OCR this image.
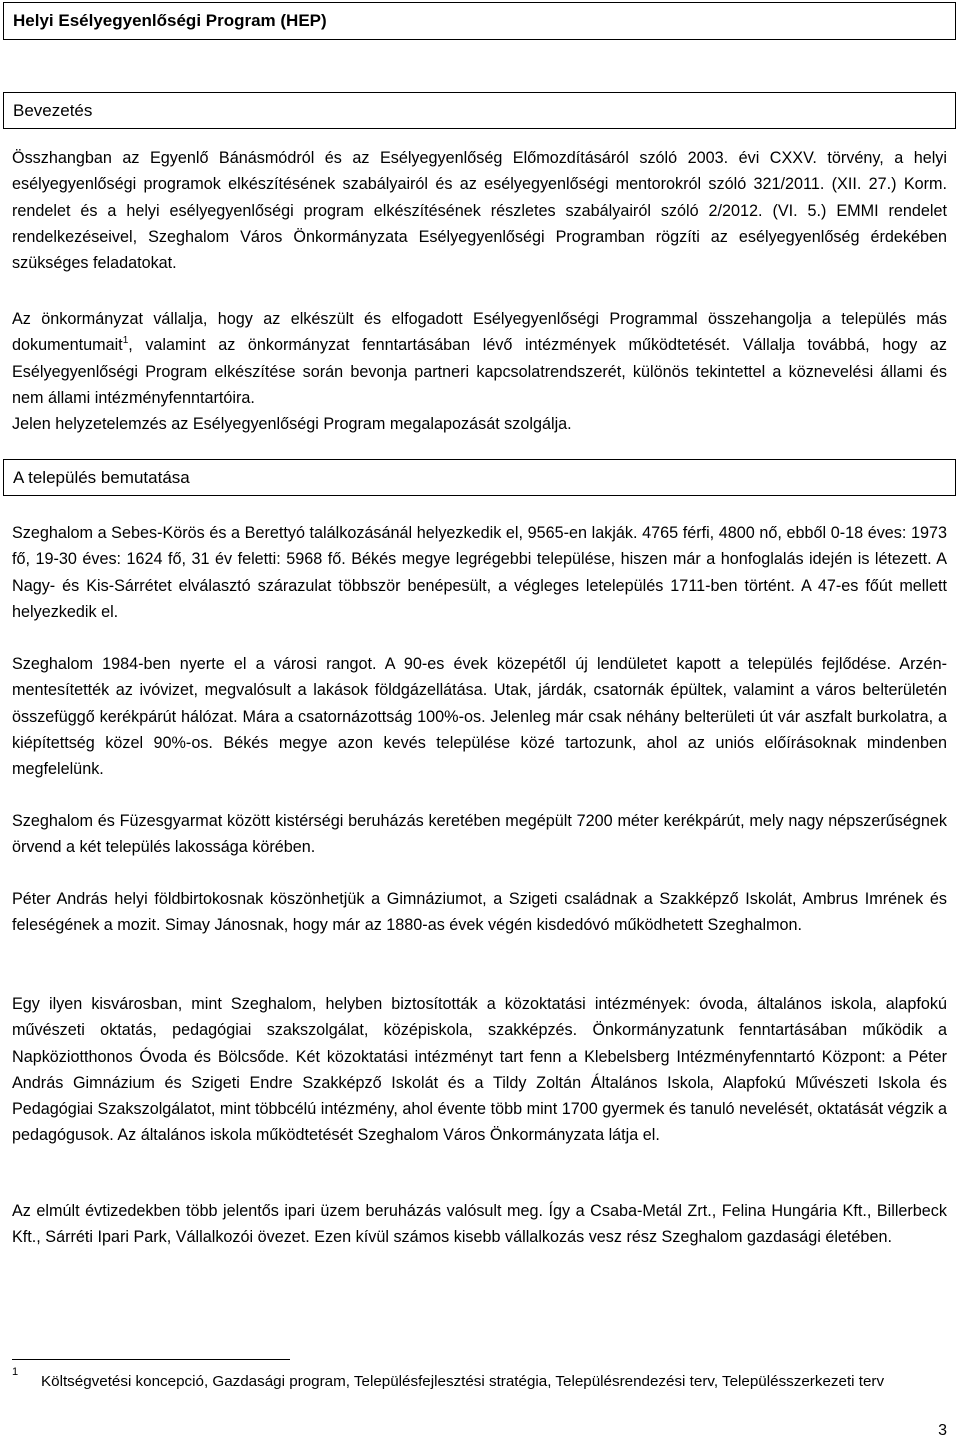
Helyi Esélyegyenlőségi Program (HEP)
Bevezetés

Összhangban az Egyenlő Bánásmódról és az Esélyegyenlőség Előmozdításáról szóló 2003. évi CXXV. törvény, a helyi esélyegyenlőségi programok elkészítésének szabályairól és az esélyegyenlőségi mentorokról szóló 321/2011. (XII. 27.) Korm. rendelet és a helyi esélyegyenlőségi program elkészítésének részletes szabályairól szóló 2/2012. (VI. 5.) EMMI rendelet rendelkezéseivel, Szeghalom Város Önkormányzata Esélyegyenlőségi Programban rögzíti az esélyegyenlőség érdekében szükséges feladatokat.

Az önkormányzat vállalja, hogy az elkészült és elfogadott Esélyegyenlőségi Programmal összehangolja a település más dokumentumait$^1$, valamint az önkormányzat fenntartásában lévő intézmények működtetését. Vállalja továbbá, hogy az Esélyegyenlőségi Program elkészítése során bevonja partneri kapcsolatrendszerét, különös tekintettel a köznevelési állami és nem állami intézményfenntartóira.

Jelen helyzetelemzés az Esélyegyenlőségi Program megalapozását szolgálja.

A település bemutatása

Szeghalom a Sebes-Körös és a Berettyó találkozásánál helyezkedik el, 9565-en lakják. 4765 férfi, 4800 nő, ebből 0-18 éves: 1973 fő, 19-30 éves: 1624 fő, 31 év feletti: 5968 fő. Békés megye legrégebbi települése, hiszen már a honfoglalás idején is létezett. A Nagy- és Kis-Sárrétet elválasztó szárazulat többször benépesült, a végleges letelepülés 1711-ben történt. A 47-es főút mellett helyezkedik el.

Szeghalom 1984-ben nyerte el a városi rangot. A 90-es évek közepétől új lendületet kapott a település fejlődése. Arzén-mentesítették az ivóvizet, megvalósult a lakások földgázellátása. Utak, járdák, csatornák épültek, valamint a város belterületén összefüggő kerékpárút hálózat. Mára a csatornázottság 100%-os. Jelenleg már csak néhány belterületi út vár aszfalt burkolatra, a kiépítettség közel 90%-os. Békés megye azon kevés települése közé tartozunk, ahol az uniós előírásoknak mindenben megfelelünk.

Szeghalom és Füzesgyarmat között kistérségi beruházás keretében megépült 7200 méter kerékpárút, mely nagy népszerűségnek örvend a két település lakossága körében.

Péter András helyi földbirtokosnak köszönhetjük a Gimnáziumot, a Szigeti családnak a Szakképző Iskolát, Ambrus Imrének és feleségének a mozit. Simay Jánosnak, hogy már az 1880-as évek végén kisdedóvó működhetett Szeghalmon.

Egy ilyen kisvárosban, mint Szeghalom, helyben biztosították a közoktatási intézmények: óvoda, általános iskola, alapfokú művészeti oktatás, pedagógiai szakszolgálat, középiskola, szakképzés. Önkormányzatunk fenntartásában működik a Napköziotthonos Óvoda és Bölcsőde. Két közoktatási intézményt tart fenn a Klebelsberg Intézményfenntartó Központ: a Péter András Gimnázium és Szigeti Endre Szakképző Iskolát és a Tildy Zoltán Általános Iskola, Alapfokú Művészeti Iskola és Pedagógiai Szakszolgálatot, mint többcélú intézmény, ahol évente több mint 1700 gyermek és tanuló nevelését, oktatását végzik a pedagógusok. Az általános iskola működtetését Szeghalom Város Önkormányzata látja el.

Az elmúlt évtizedekben több jelentős ipari üzem beruházás valósult meg. Így a Csaba-Metál Zrt., Felina Hungária Kft., Billerbeck Kft., Sárréti Ipari Park, Vállalkozói övezet. Ezen kívül számos kisebb vállalkozás vesz rész Szeghalom gazdasági életében.

1

Költségvetési koncepció, Gazdasági program, Településfejlesztési stratégia, Településrendezési terv, Településszerkezeti terv

3
